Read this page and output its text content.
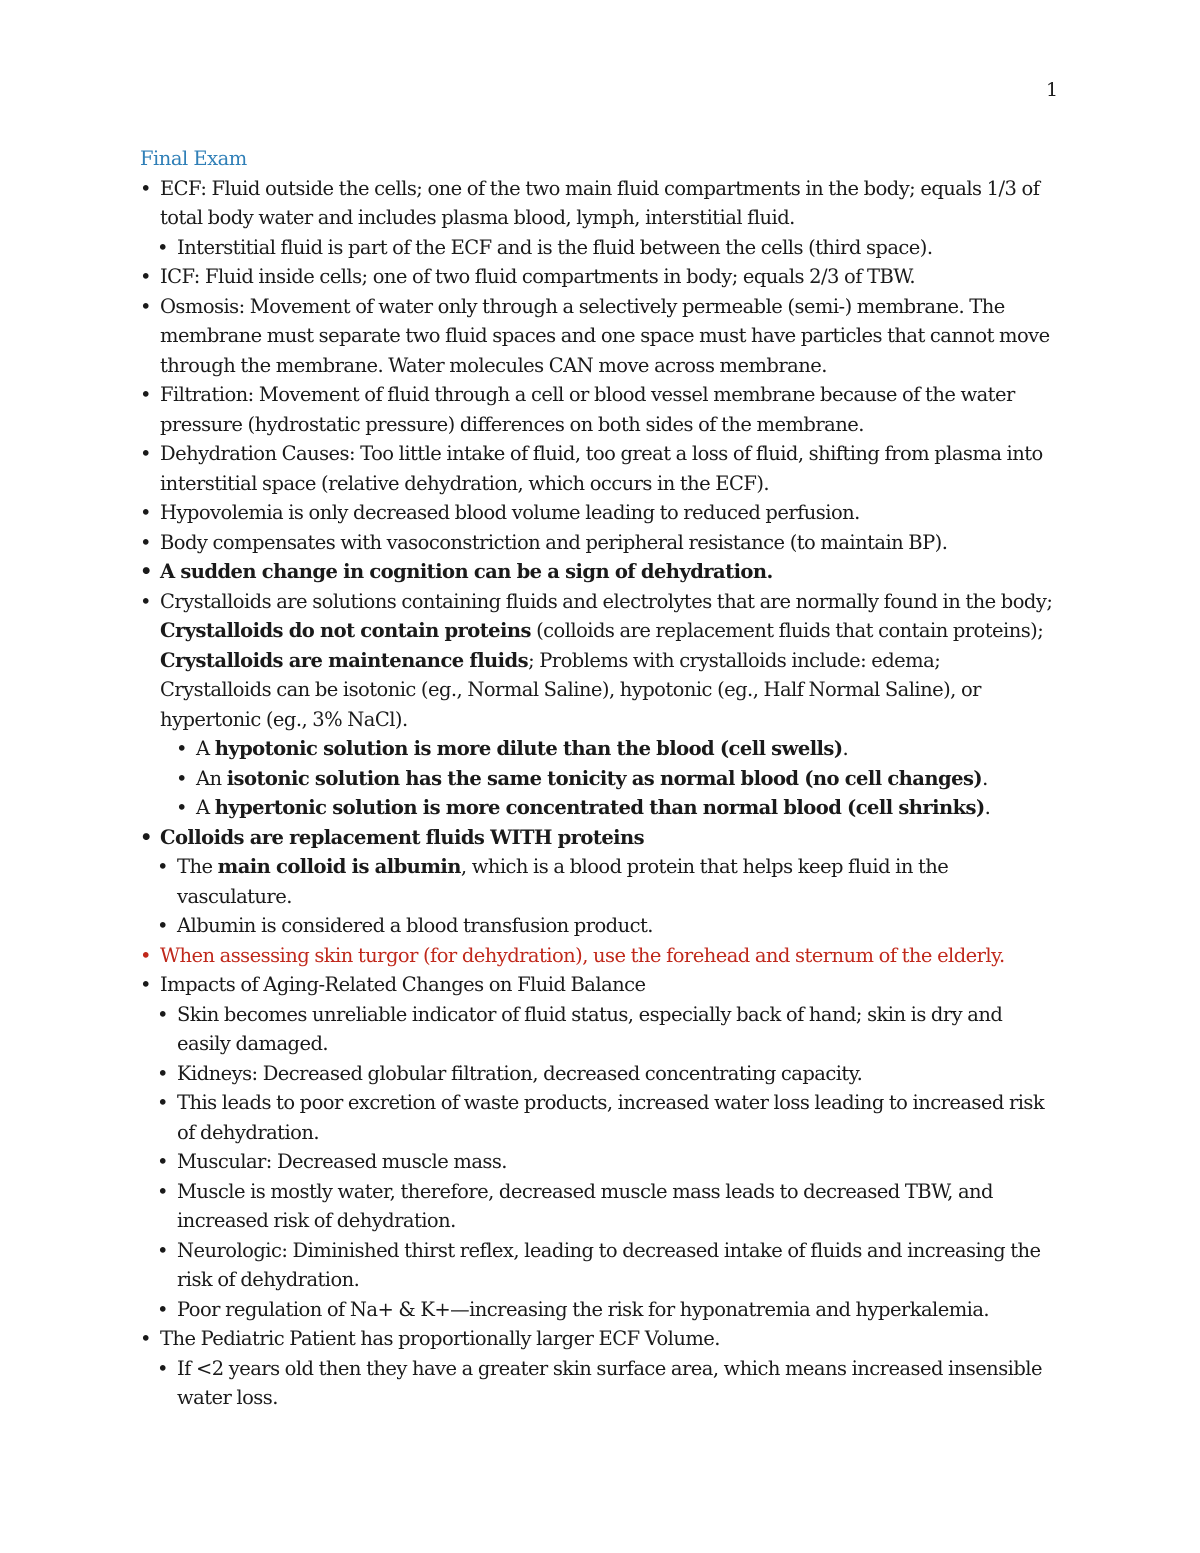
1
Final Exam
• ECF: Fluid outside the cells; one of the two main fluid compartments in the body; equals 1/3 of total body water and includes plasma blood, lymph, interstitial fluid.
• Interstitial fluid is part of the ECF and is the fluid between the cells (third space).
• ICF: Fluid inside cells; one of two fluid compartments in body; equals 2/3 of TBW.
• Osmosis: Movement of water only through a selectively permeable (semi-) membrane. The membrane must separate two fluid spaces and one space must have particles that cannot move through the membrane. Water molecules CAN move across membrane.
• Filtration: Movement of fluid through a cell or blood vessel membrane because of the water pressure (hydrostatic pressure) differences on both sides of the membrane.
• Dehydration Causes: Too little intake of fluid, too great a loss of fluid, shifting from plasma into interstitial space (relative dehydration, which occurs in the ECF).
• Hypovolemia is only decreased blood volume leading to reduced perfusion.
• Body compensates with vasoconstriction and peripheral resistance (to maintain BP).
• A sudden change in cognition can be a sign of dehydration.
• Crystalloids are solutions containing fluids and electrolytes that are normally found in the body; Crystalloids do not contain proteins (colloids are replacement fluids that contain proteins); Crystalloids are maintenance fluids; Problems with crystalloids include: edema; Crystalloids can be isotonic (eg., Normal Saline), hypotonic (eg., Half Normal Saline), or hypertonic (eg., 3% NaCl).
• A hypotonic solution is more dilute than the blood (cell swells).
• An isotonic solution has the same tonicity as normal blood (no cell changes).
• A hypertonic solution is more concentrated than normal blood (cell shrinks).
• Colloids are replacement fluids WITH proteins
• The main colloid is albumin, which is a blood protein that helps keep fluid in the vasculature.
• Albumin is considered a blood transfusion product.
• When assessing skin turgor (for dehydration), use the forehead and sternum of the elderly.
• Impacts of Aging-Related Changes on Fluid Balance
• Skin becomes unreliable indicator of fluid status, especially back of hand; skin is dry and easily damaged.
• Kidneys: Decreased globular filtration, decreased concentrating capacity.
• This leads to poor excretion of waste products, increased water loss leading to increased risk of dehydration.
• Muscular: Decreased muscle mass.
• Muscle is mostly water, therefore, decreased muscle mass leads to decreased TBW, and increased risk of dehydration.
• Neurologic: Diminished thirst reflex, leading to decreased intake of fluids and increasing the risk of dehydration.
• Poor regulation of Na+ & K+—increasing the risk for hyponatremia and hyperkalemia.
• The Pediatric Patient has proportionally larger ECF Volume.
• If <2 years old then they have a greater skin surface area, which means increased insensible water loss.
